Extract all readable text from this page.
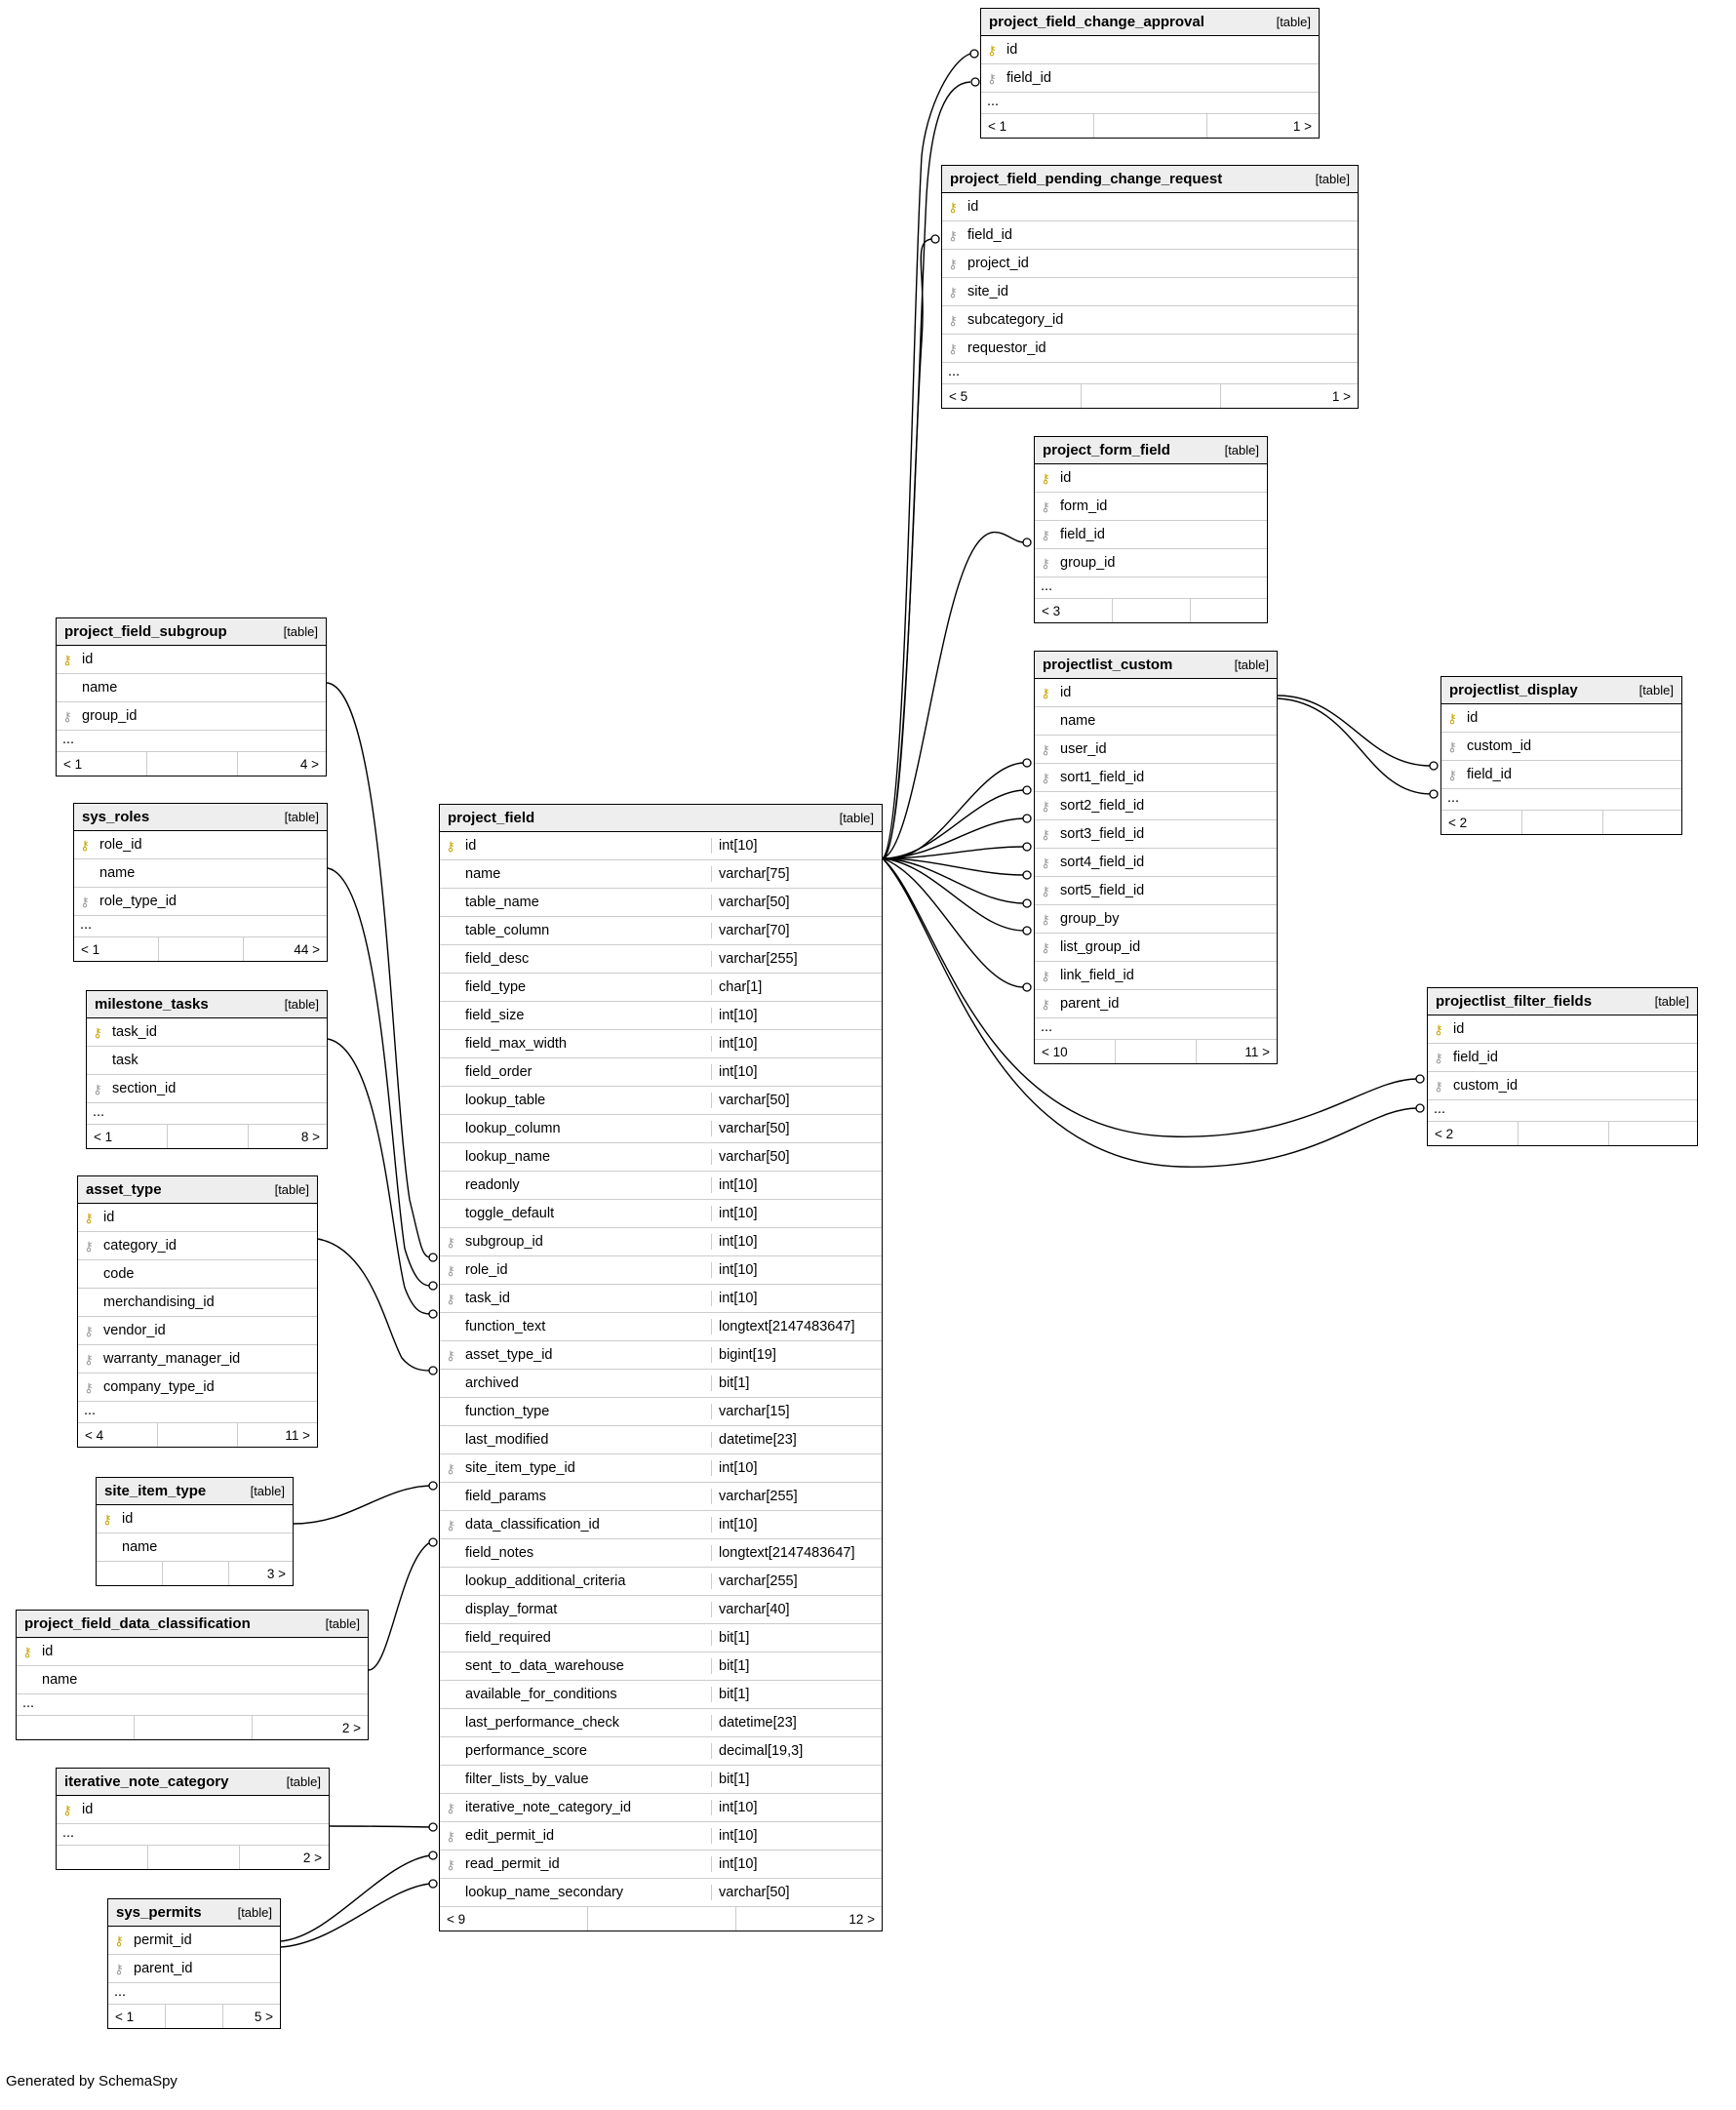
project_field_change_approval	[table]
⚷ id
⚷ field_id
...
< 1	1 >
project_field_pending_change_request	[table]
⚷ id
⚷ field_id
⚷ project_id
⚷ site_id
⚷ subcategory_id
⚷ requestor_id
...
< 5	1 >
project_form_field	[table]
⚷ id
⚷ form_id
⚷ field_id
⚷ group_id
...
< 3
projectlist_custom	[table]
⚷ id
name
⚷ user_id
⚷ sort1_field_id
⚷ sort2_field_id
⚷ sort3_field_id
⚷ sort4_field_id
⚷ sort5_field_id
⚷ group_by
⚷ list_group_id
⚷ link_field_id
⚷ parent_id
...
< 10	11 >
projectlist_display	[table]
⚷ id
⚷ custom_id
⚷ field_id
...
< 2
projectlist_filter_fields	[table]
⚷ id
⚷ field_id
⚷ custom_id
...
< 2
project_field_subgroup	[table]
⚷ id
name
⚷ group_id
...
< 1	4 >
sys_roles	[table]
⚷ role_id
name
⚷ role_type_id
...
< 1	44 >
milestone_tasks	[table]
⚷ task_id
task
⚷ section_id
...
< 1	8 >
asset_type	[table]
⚷ id
⚷ category_id
code
merchandising_id
⚷ vendor_id
⚷ warranty_manager_id
⚷ company_type_id
...
< 4	11 >
site_item_type	[table]
⚷ id
name
3 >
project_field_data_classification	[table]
⚷ id
name
...
2 >
iterative_note_category	[table]
⚷ id
...
2 >
sys_permits	[table]
⚷ permit_id
⚷ parent_id
...
< 1	5 >
project_field	[table]
⚷ id	int[10]
name	varchar[75]
table_name	varchar[50]
table_column	varchar[70]
field_desc	varchar[255]
field_type	char[1]
field_size	int[10]
field_max_width	int[10]
field_order	int[10]
lookup_table	varchar[50]
lookup_column	varchar[50]
lookup_name	varchar[50]
readonly	int[10]
toggle_default	int[10]
⚷ subgroup_id	int[10]
⚷ role_id	int[10]
⚷ task_id	int[10]
function_text	longtext[2147483647]
⚷ asset_type_id	bigint[19]
archived	bit[1]
function_type	varchar[15]
last_modified	datetime[23]
⚷ site_item_type_id	int[10]
field_params	varchar[255]
⚷ data_classification_id	int[10]
field_notes	longtext[2147483647]
lookup_additional_criteria	varchar[255]
display_format	varchar[40]
field_required	bit[1]
sent_to_data_warehouse	bit[1]
available_for_conditions	bit[1]
last_performance_check	datetime[23]
performance_score	decimal[19,3]
filter_lists_by_value	bit[1]
⚷ iterative_note_category_id	int[10]
⚷ edit_permit_id	int[10]
⚷ read_permit_id	int[10]
lookup_name_secondary	varchar[50]
< 9	12 >
Generated by SchemaSpy
